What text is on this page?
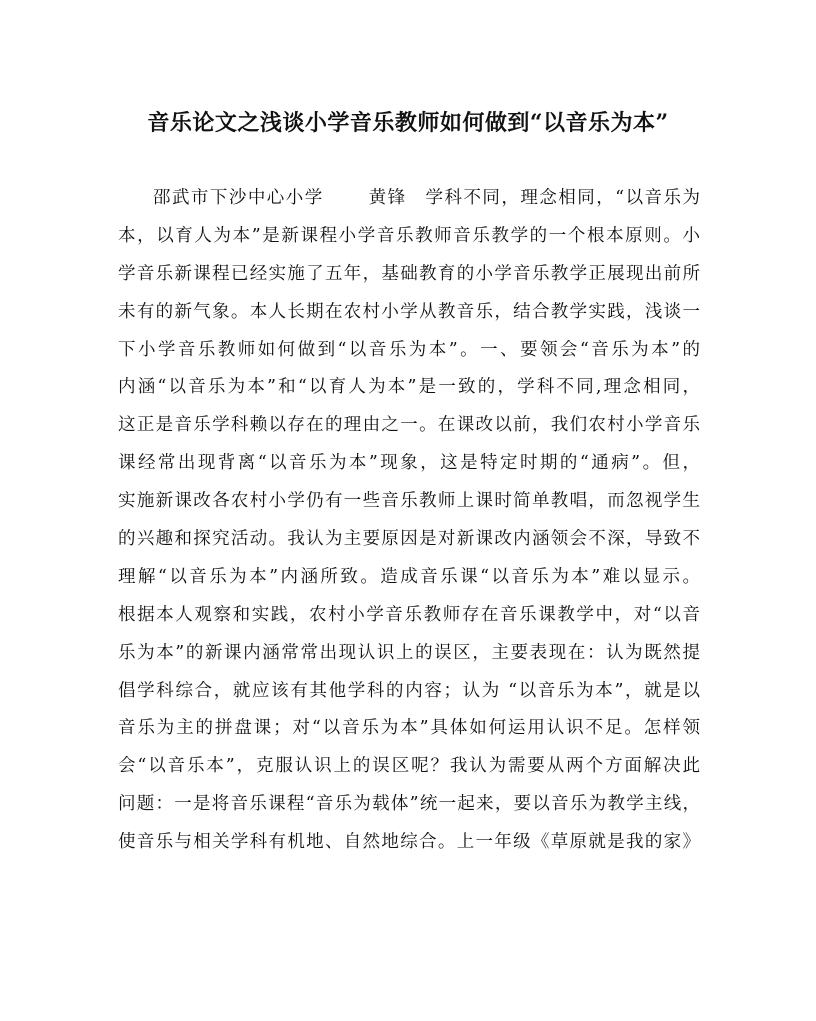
音乐论文之浅谈小学音乐教师如何做到“以音乐为本”
邵武市下沙中心小学　　 黄锋　学科不同，理念相同，“以音乐为
本，以育人为本”是新课程小学音乐教师音乐教学的一个根本原则。小
学音乐新课程已经实施了五年，基础教育的小学音乐教学正展现出前所
未有的新气象。本人长期在农村小学从教音乐，结合教学实践，浅谈一
下小学音乐教师如何做到“以音乐为本”。一、要领会“音乐为本”的
内涵“以音乐为本”和“以育人为本”是一致的，学科不同,理念相同，
这正是音乐学科赖以存在的理由之一。在课改以前，我们农村小学音乐
课经常出现背离“以音乐为本”现象，这是特定时期的“通病”。但，
实施新课改各农村小学仍有一些音乐教师上课时简单教唱，而忽视学生
的兴趣和探究活动。我认为主要原因是对新课改内涵领会不深，导致不
理解“以音乐为本”内涵所致。造成音乐课“以音乐为本”难以显示。
根据本人观察和实践，农村小学音乐教师存在音乐课教学中，对“以音
乐为本”的新课内涵常常出现认识上的误区，主要表现在：认为既然提
倡学科综合，就应该有其他学科的内容；认为 “以音乐为本”，就是以
音乐为主的拼盘课；对“以音乐为本”具体如何运用认识不足。怎样领
会“以音乐本”，克服认识上的误区呢？我认为需要从两个方面解决此
问题：一是将音乐课程“音乐为载体”统一起来，要以音乐为教学主线，
使音乐与相关学科有机地、自然地综合。上一年级《草原就是我的家》
